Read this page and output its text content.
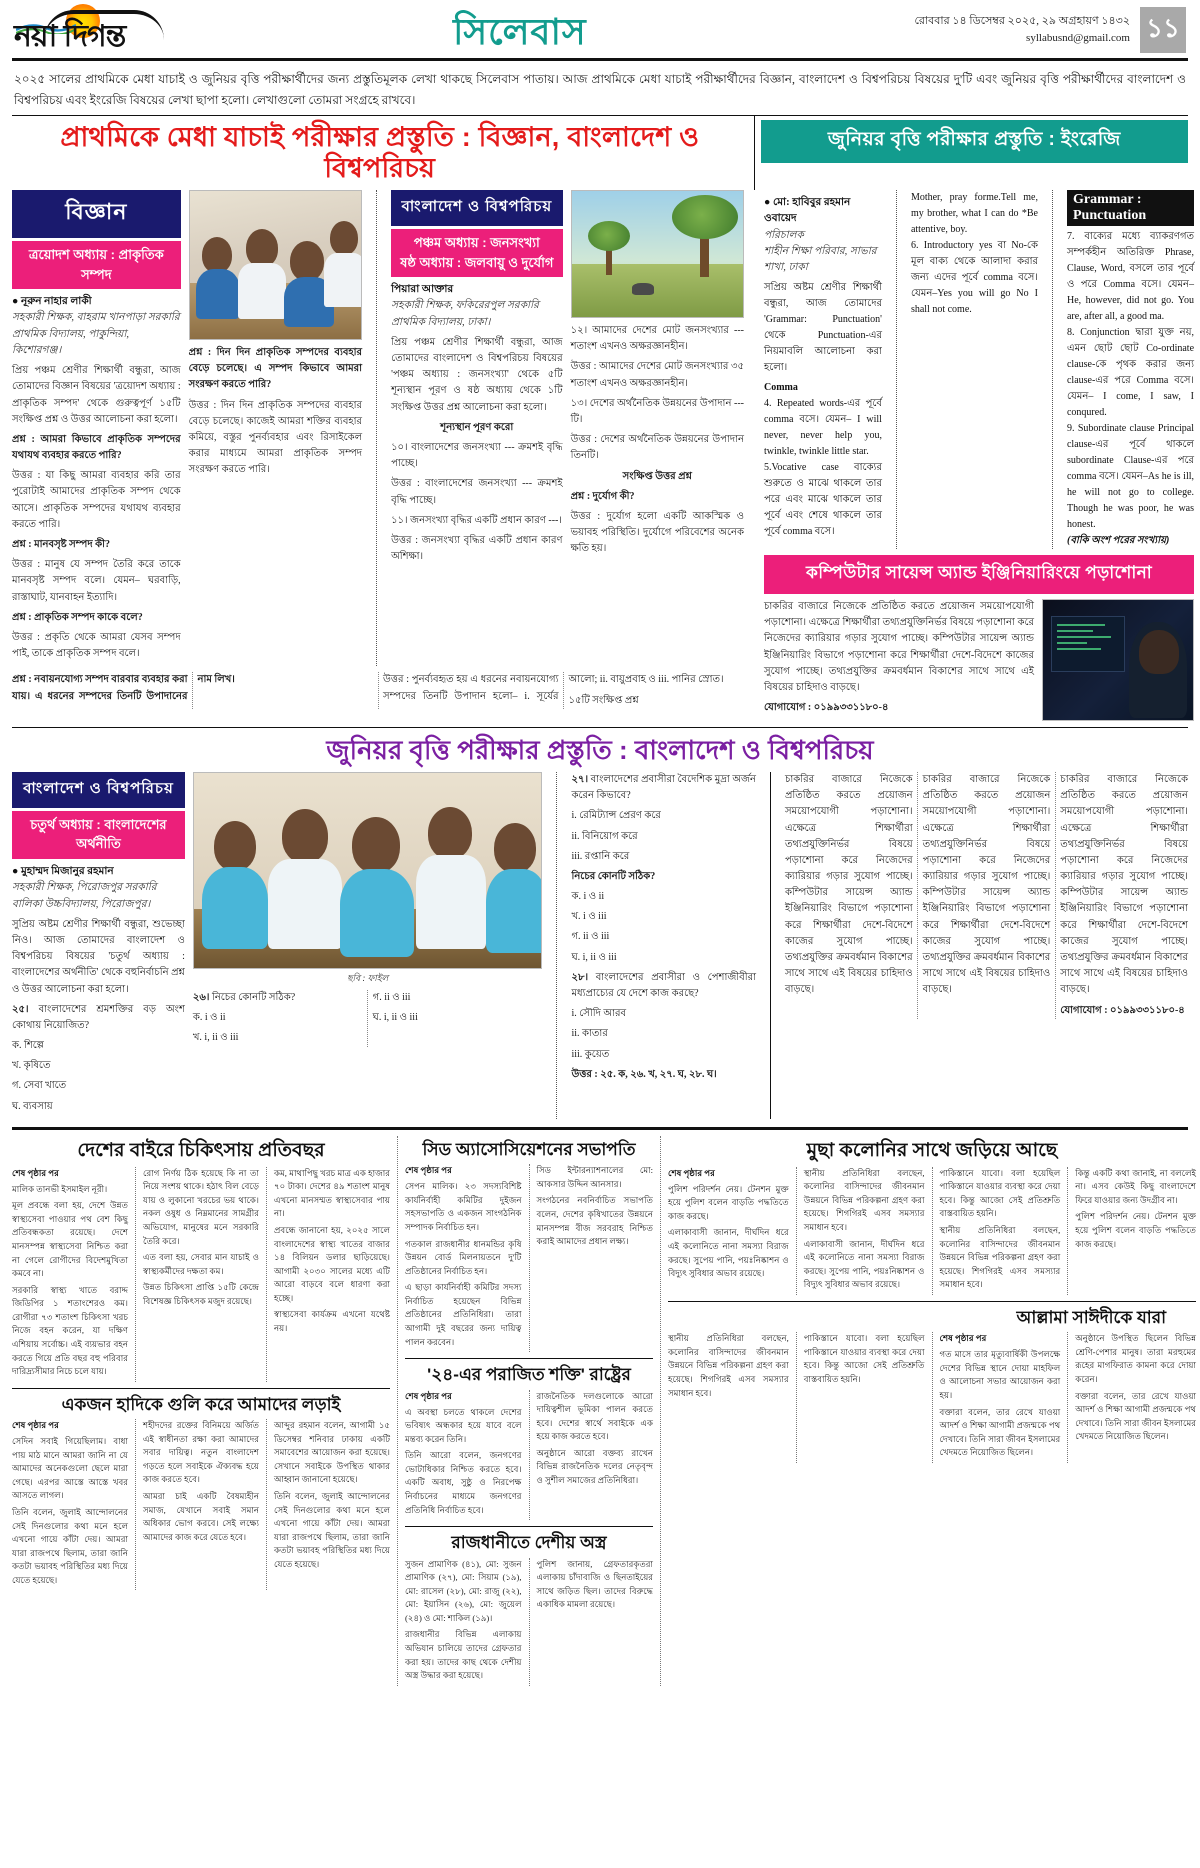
নয়া দিগন্ত	সিলেবাস	রোববার ১৪ ডিসেম্বর ২০২৫, ২৯ অগ্রহায়ণ ১৪৩২
syllabusnd@gmail.com ১১
২০২৫ সালের প্রাথমিকে মেধা যাচাই ও জুনিয়র বৃত্তি পরীক্ষার্থীদের জন্য প্রস্তুতিমূলক লেখা থাকছে সিলেবাস পাতায়। আজ প্রাথমিকে মেধা যাচাই পরীক্ষার্থীদের বিজ্ঞান, বাংলাদেশ ও বিশ্বপরিচয় বিষয়ের দু'টি এবং জুনিয়র বৃত্তি পরীক্ষার্থীদের বাংলাদেশ ও বিশ্বপরিচয় এবং ইংরেজি বিষয়ের লেখা ছাপা হলো। লেখাগুলো তোমরা সংগ্রহে রাখবে।
প্রাথমিকে মেধা যাচাই পরীক্ষার প্রস্তুতি : বিজ্ঞান, বাংলাদেশ ও বিশ্বপরিচয়
জুনিয়র বৃত্তি পরীক্ষার প্রস্তুতি : ইংরেজি
বিজ্ঞান
ত্রয়োদশ অধ্যায় : প্রাকৃতিক সম্পদ
● নূরুন নাহার লাকী
সহকারী শিক্ষক, বাহরাম খানপাড়া সরকারি প্রাথমিক বিদ্যালয়, পাকুন্দিয়া, কিশোরগঞ্জ।

প্রিয় পঞ্চম শ্রেণীর শিক্ষার্থী বন্ধুরা, আজ তোমাদের বিজ্ঞান বিষয়ের 'ত্রয়োদশ অধ্যায় : প্রাকৃতিক সম্পদ' থেকে গুরুত্বপূর্ণ ১৫টি সংক্ষিপ্ত প্রশ্ন ও উত্তর আলোচনা করা হলো।

প্রশ্ন : আমরা কিভাবে প্রাকৃতিক সম্পদের যথাযথ ব্যবহার করতে পারি?

উত্তর : যা কিছু আমরা ব্যবহার করি তার পুরোটাই আমাদের প্রাকৃতিক সম্পদ থেকে আসে। প্রাকৃতিক সম্পদের যথাযথ ব্যবহার করতে পারি।

প্রশ্ন : মানবসৃষ্ট সম্পদ কী?

উত্তর : মানুষ যে সম্পদ তৈরি করে তাকে মানবসৃষ্ট সম্পদ বলে। যেমন– ঘরবাড়ি, রাস্তাঘাট, যানবাহন ইত্যাদি।

প্রশ্ন : প্রাকৃতিক সম্পদ কাকে বলে?

উত্তর : প্রকৃতি থেকে আমরা যেসব সম্পদ পাই, তাকে প্রাকৃতিক সম্পদ বলে।

প্রশ্ন : দিন দিন প্রাকৃতিক সম্পদের ব্যবহার বেড়ে চলেছে। এ সম্পদ কিভাবে আমরা সংরক্ষণ করতে পারি?

উত্তর : দিন দিন প্রাকৃতিক সম্পদের ব্যবহার বেড়ে চলেছে। কাজেই আমরা শক্তির ব্যবহার কমিয়ে, বস্তুর পুনর্ব্যবহার এবং রিসাইকেল করার মাধ্যমে আমরা প্রাকৃতিক সম্পদ সংরক্ষণ করতে পারি।

বাংলাদেশ ও বিশ্বপরিচয়
পঞ্চম অধ্যায় : জনসংখ্যা
ষষ্ঠ অধ্যায় : জলবায়ু ও দুর্যোগ
পিয়ারা আক্তার
সহকারী শিক্ষক, ফকিরেরপুল সরকারি প্রাথমিক বিদ্যালয়, ঢাকা।

প্রিয় পঞ্চম শ্রেণীর শিক্ষার্থী বন্ধুরা, আজ তোমাদের বাংলাদেশ ও বিশ্বপরিচয় বিষয়ের 'পঞ্চম অধ্যায় : জনসংখ্যা' থেকে ৫টি শূন্যস্থান পূরণ ও ষষ্ঠ অধ্যায় থেকে ১টি সংক্ষিপ্ত উত্তর প্রশ্ন আলোচনা করা হলো।

শূন্যস্থান পূরণ করো

১০। বাংলাদেশের জনসংখ্যা --- ক্রমশই বৃদ্ধি পাচ্ছে।

উত্তর : বাংলাদেশের জনসংখ্যা --- ক্রমশই বৃদ্ধি পাচ্ছে।

১১। জনসংখ্যা বৃদ্ধির একটি প্রধান কারণ ---।

উত্তর : জনসংখ্যা বৃদ্ধির একটি প্রধান কারণ অশিক্ষা।

১২। আমাদের দেশের মোট জনসংখ্যার --- শতাংশ এখনও অক্ষরজ্ঞানহীন।

উত্তর : আমাদের দেশের মোট জনসংখ্যার ৩৫ শতাংশ এখনও অক্ষরজ্ঞানহীন।

১৩। দেশের অর্থনৈতিক উন্নয়নের উপাদান ---টি।

উত্তর : দেশের অর্থনৈতিক উন্নয়নের উপাদান তিনটি।

সংক্ষিপ্ত উত্তর প্রশ্ন

প্রশ্ন : দুর্যোগ কী?

উত্তর : দুর্যোগ হলো একটি আকস্মিক ও ভয়াবহ পরিস্থিতি। দুর্যোগে পরিবেশের অনেক ক্ষতি হয়।

প্রশ্ন : নবায়নযোগ্য সম্পদ বারবার ব্যবহার করা যায়। এ ধরনের সম্পদের তিনটি উপাদানের নাম লিখ।	উত্তর : পুনর্ব্যবহৃত হয় এ ধরনের নবায়নযোগ্য সম্পদের তিনটি উপাদান হলো– i. সূর্যের আলো; ii. বায়ুপ্রবাহ ও iii. পানির স্রোত।

১৫টি সংক্ষিপ্ত প্রশ্ন

● মো: হাবিবুর রহমান ওবায়েদ
পরিচালক
শাহীন শিক্ষা পরিবার, সাভার শাখা, ঢাকা
সপ্রিয় অষ্টম শ্রেণীর শিক্ষার্থী বন্ধুরা, আজ তোমাদের 'Grammar: Punctuation' থেকে Punctuation-এর নিয়মাবলি আলোচনা করা হলো।
Comma
4. Repeated words-এর পূর্বে comma বসে। যেমন– I will never, never help you, twinkle, twinkle little star.
5.Vocative case বাক্যের শুরুতে ও মাঝে থাকলে তার পরে এবং মাঝে থাকলে তার পূর্বে এবং শেষে থাকলে তার পূর্বে comma বসে।
Mother, pray forme.Tell me, my brother, what I can do *Be attentive, boy.
6. Introductory yes বা No-কে মূল বাক্য থেকে আলাদা করার জন্য এদের পূর্বে comma বসে। যেমন–Yes you will go No I shall not come.
Grammar : Punctuation
7. বাক্যের মধ্যে ব্যাকরণগত সম্পর্কহীন অতিরিক্ত Phrase, Clause, Word, বসলে তার পূর্বে ও পরে Comma বসে। যেমন– He, however, did not go. You are, after all, a good ma.
8. Conjunction দ্বারা যুক্ত নয়, এমন ছোট ছোট Co-ordinate clause-কে পৃথক করার জন্য clause-এর পরে Comma বসে। যেমন– I come, I saw, I conqured.
9. Subordinate clause Principal clause-এর পূর্বে থাকলে subordinate Clause-এর পরে comma বসে। যেমন–As he is ill, he will not go to college. Though he was poor, he was honest.
(বাকি অংশ পরের সংখ্যায়)
কম্পিউটার সায়েন্স অ্যান্ড ইঞ্জিনিয়ারিংয়ে পড়াশোনা
চাকরির বাজারে নিজেকে প্রতিষ্ঠিত করতে প্রয়োজন সময়োপযোগী পড়াশোনা। এক্ষেত্রে শিক্ষার্থীরা তথ্যপ্রযুক্তিনির্ভর বিষয়ে পড়াশোনা করে নিজেদের ক্যারিয়ার গড়ার সুযোগ পাচ্ছে। কম্পিউটার সায়েন্স অ্যান্ড ইঞ্জিনিয়ারিং বিভাগে পড়াশোনা করে শিক্ষার্থীরা দেশে-বিদেশে কাজের সুযোগ পাচ্ছে। তথ্যপ্রযুক্তির ক্রমবর্ধমান বিকাশের সাথে সাথে এই বিষয়ের চাহিদাও বাড়ছে।
যোগাযোগ : ০১৯৯৩৩১১৮০-৪
জুনিয়র বৃত্তি পরীক্ষার প্রস্তুতি : বাংলাদেশ ও বিশ্বপরিচয়
বাংলাদেশ ও বিশ্বপরিচয়
চতুর্থ অধ্যায় : বাংলাদেশের অর্থনীতি
● মুহাম্মদ মিজানুর রহমান
সহকারী শিক্ষক, পিরোজপুর সরকারি বালিকা উচ্চবিদ্যালয়, পিরোজপুর।
সুপ্রিয় অষ্টম শ্রেণীর শিক্ষার্থী বন্ধুরা, শুভেচ্ছা নিও। আজ তোমাদের বাংলাদেশ ও বিশ্বপরিচয় বিষয়ের 'চতুর্থ অধ্যায় : বাংলাদেশের অর্থনীতি' থেকে বহুনির্বাচনি প্রশ্ন ও উত্তর আলোচনা করা হলো।

২৫। বাংলাদেশের শ্রমশক্তির বড় অংশ কোথায় নিয়োজিত?

ক. শিল্পে

খ. কৃষিতে

গ. সেবা খাতে

ঘ. ব্যবসায়

ছবি : ফাইল

২৬। নিচের কোনটি সঠিক?

ক. i ও ii

খ. i, ii ও iii

গ. ii ও iii

ঘ. i, ii ও iii

২৭। বাংলাদেশের প্রবাসীরা বৈদেশিক মুদ্রা অর্জন করেন কিভাবে?

i. রেমিট্যান্স প্রেরণ করে

ii. বিনিয়োগ করে

iii. রপ্তানি করে

নিচের কোনটি সঠিক?

ক. i ও ii

খ. i ও iii

গ. ii ও iii

ঘ. i, ii ও iii

২৮। বাংলাদেশের প্রবাসীরা ও পেশাজীবীরা মধ্যপ্রাচ্যের যে দেশে কাজ করছে?

i. সৌদি আরব

ii. কাতার

iii. কুয়েত

উত্তর : ২৫. ক, ২৬. খ, ২৭. ঘ, ২৮. ঘ।

চাকরির বাজারে নিজেকে প্রতিষ্ঠিত করতে প্রয়োজন সময়োপযোগী পড়াশোনা। এক্ষেত্রে শিক্ষার্থীরা তথ্যপ্রযুক্তিনির্ভর বিষয়ে পড়াশোনা করে নিজেদের ক্যারিয়ার গড়ার সুযোগ পাচ্ছে। কম্পিউটার সায়েন্স অ্যান্ড ইঞ্জিনিয়ারিং বিভাগে পড়াশোনা করে শিক্ষার্থীরা দেশে-বিদেশে কাজের সুযোগ পাচ্ছে। তথ্যপ্রযুক্তির ক্রমবর্ধমান বিকাশের সাথে সাথে এই বিষয়ের চাহিদাও বাড়ছে।

চাকরির বাজারে নিজেকে প্রতিষ্ঠিত করতে প্রয়োজন সময়োপযোগী পড়াশোনা। এক্ষেত্রে শিক্ষার্থীরা তথ্যপ্রযুক্তিনির্ভর বিষয়ে পড়াশোনা করে নিজেদের ক্যারিয়ার গড়ার সুযোগ পাচ্ছে। কম্পিউটার সায়েন্স অ্যান্ড ইঞ্জিনিয়ারিং বিভাগে পড়াশোনা করে শিক্ষার্থীরা দেশে-বিদেশে কাজের সুযোগ পাচ্ছে। তথ্যপ্রযুক্তির ক্রমবর্ধমান বিকাশের সাথে সাথে এই বিষয়ের চাহিদাও বাড়ছে।

চাকরির বাজারে নিজেকে প্রতিষ্ঠিত করতে প্রয়োজন সময়োপযোগী পড়াশোনা। এক্ষেত্রে শিক্ষার্থীরা তথ্যপ্রযুক্তিনির্ভর বিষয়ে পড়াশোনা করে নিজেদের ক্যারিয়ার গড়ার সুযোগ পাচ্ছে। কম্পিউটার সায়েন্স অ্যান্ড ইঞ্জিনিয়ারিং বিভাগে পড়াশোনা করে শিক্ষার্থীরা দেশে-বিদেশে কাজের সুযোগ পাচ্ছে। তথ্যপ্রযুক্তির ক্রমবর্ধমান বিকাশের সাথে সাথে এই বিষয়ের চাহিদাও বাড়ছে।

যোগাযোগ : ০১৯৯৩৩১১৮০-৪

দেশের বাইরে চিকিৎসায় প্রতিবছর
শেষ পৃষ্ঠার পর

মালিক তানভী ইসমাইল নূরী।

মূল প্রবন্ধে বলা হয়, দেশে উন্নত স্বাস্থ্যসেবা পাওয়ার পথ বেশ কিছু প্রতিবন্ধকতা রয়েছে। দেশে মানসম্পন্ন স্বাস্থ্যসেবা নিশ্চিত করা না গেলে রোগীদের বিদেশমুখিতা কমবে না।

সরকারি স্বাস্থ্য খাতে বরাদ্দ জিডিপির ১ শতাংশেরও কম। রোগীরা ৭৩ শতাংশ চিকিৎসা খরচ নিজে বহন করেন, যা দক্ষিণ এশিয়ায় সর্বোচ্চ। এই ব্যয়ভার বহন করতে গিয়ে প্রতি বছর বহু পরিবার দারিদ্র্যসীমার নিচে চলে যায়।

রোগ নির্ণয় ঠিক হয়েছে কি না তা নিয়ে সংশয় থাকে। হঠাৎ বিল বেড়ে যায় ও লুকানো খরচের ভয় থাকে। নকল ওষুধ ও নিম্নমানের সামগ্রীর অভিযোগ, মানুষের মনে সরকারি তৈরি করে।

এত বলা হয়, সেবার মান যাচাই ও স্বাস্থ্যকর্মীদের দক্ষতা কম।

উন্নত চিকিৎসা প্রাপ্তি ১৫টি কেন্দ্রে বিশেষজ্ঞ চিকিৎসক মজুদ রয়েছে।

কম, মাথাপিছু খরচ মাত্র এক হাজার ৭০ টাকা। দেশের ৪৯ শতাংশ মানুষ এখনো মানসম্মত স্বাস্থ্যসেবার পায় না।

প্রবন্ধে জানানো হয়, ২০২৫ সালে বাংলাদেশের স্বাস্থ্য খাতের বাজার ১৪ বিলিয়ন ডলার ছাড়িয়েছে। আগামী ২০৩০ সালের মধ্যে এটি আরো বাড়বে বলে ধারণা করা হচ্ছে।

স্বাস্থ্যসেবা কার্যক্রম এখনো যথেষ্ট নয়।

একজন হাদিকে গুলি করে আমাদের লড়াই
শেষ পৃষ্ঠার পর

সেদিন সবাই গিয়েছিলাম। বাধা পায় মাঠ মানে আমরা জানি না যে আমাদের অনেকগুলো ছেলে মারা গেছে। এরপর আস্তে আস্তে খবর আসতে লাগল।

তিনি বলেন, জুলাই আন্দোলনের সেই দিনগুলোর কথা মনে হলে এখনো গায়ে কাঁটা দেয়। আমরা যারা রাজপথে ছিলাম, তারা জানি কতটা ভয়াবহ পরিস্থিতির মধ্য দিয়ে যেতে হয়েছে।

শহীদদের রক্তের বিনিময়ে অর্জিত এই স্বাধীনতা রক্ষা করা আমাদের সবার দায়িত্ব। নতুন বাংলাদেশ গড়তে হলে সবাইকে ঐক্যবদ্ধ হয়ে কাজ করতে হবে।

আমরা চাই একটি বৈষম্যহীন সমাজ, যেখানে সবাই সমান অধিকার ভোগ করবে। সেই লক্ষ্যে আমাদের কাজ করে যেতে হবে।

আব্দুর রহমান বলেন, আগামী ১৫ ডিসেম্বর শনিবার ঢাকায় একটি সমাবেশের আয়োজন করা হয়েছে। সেখানে সবাইকে উপস্থিত থাকার আহ্বান জানানো হয়েছে।

তিনি বলেন, জুলাই আন্দোলনের সেই দিনগুলোর কথা মনে হলে এখনো গায়ে কাঁটা দেয়। আমরা যারা রাজপথে ছিলাম, তারা জানি কতটা ভয়াবহ পরিস্থিতির মধ্য দিয়ে যেতে হয়েছে।

সিড অ্যাসোসিয়েশনের সভাপতি
শেষ পৃষ্ঠার পর

সেপন মালিক। ২৩ সদস্যবিশিষ্ট কার্যনির্বাহী কমিটির দুইজন সহসভাপতি ও একজন সাংগঠনিক সম্পাদক নির্বাচিত হন।

গতকাল রাজধানীর ধানমন্ডির কৃষি উন্নয়ন বোর্ড মিলনায়তনে দু'টি প্রতিষ্ঠানের নির্বাচিত হন।

এ ছাড়া কার্যনির্বাহী কমিটির সদস্য নির্বাচিত হয়েছেন বিভিন্ন প্রতিষ্ঠানের প্রতিনিধিরা। তারা আগামী দুই বছরের জন্য দায়িত্ব পালন করবেন।

সিড ইন্টারন্যাশনালের মো: আকসার উদ্দিন আনসার।

সংগঠনের নবনির্বাচিত সভাপতি বলেন, দেশের কৃষিখাতের উন্নয়নে মানসম্পন্ন বীজ সরবরাহ নিশ্চিত করাই আমাদের প্রধান লক্ষ্য।

'২৪-এর পরাজিত শক্তি' রাষ্ট্রের
শেষ পৃষ্ঠার পর

এ অবস্থা চলতে থাকলে দেশের ভবিষ্যৎ অন্ধকার হয়ে যাবে বলে মন্তব্য করেন তিনি।

তিনি আরো বলেন, জনগণের ভোটাধিকার নিশ্চিত করতে হবে। একটি অবাধ, সুষ্ঠু ও নিরপেক্ষ নির্বাচনের মাধ্যমে জনগণের প্রতিনিধি নির্বাচিত হবে।

রাজনৈতিক দলগুলোকে আরো দায়িত্বশীল ভূমিকা পালন করতে হবে। দেশের স্বার্থে সবাইকে এক হয়ে কাজ করতে হবে।

অনুষ্ঠানে আরো বক্তব্য রাখেন বিভিন্ন রাজনৈতিক দলের নেতৃবৃন্দ ও সুশীল সমাজের প্রতিনিধিরা।

রাজধানীতে দেশীয় অস্ত্র

সুজন প্রামাণিক (৪১), মো: সুজন প্রামাণিক (২৭), মো: সিয়াম (১৯), মো: রাসেল (২৮), মো: রাজু (২২), মো: ইয়াসিন (২৬), মো: জুয়েল (২৪) ও মো: শাকিল (১৯)।

রাজধানীর বিভিন্ন এলাকায় অভিযান চালিয়ে তাদের গ্রেফতার করা হয়। তাদের কাছ থেকে দেশীয় অস্ত্র উদ্ধার করা হয়েছে।

পুলিশ জানায়, গ্রেফতারকৃতরা এলাকায় চাঁদাবাজি ও ছিনতাইয়ের সাথে জড়িত ছিল। তাদের বিরুদ্ধে একাধিক মামলা রয়েছে।

মুছা কলোনির সাথে জড়িয়ে আছে
শেষ পৃষ্ঠার পর

পুলিশ পরিদর্শন নেয়। টেনশন মুক্ত হয়ে পুলিশ বলেন বাড়তি পদ্ধতিতে কাজ করছে।

এলাকাবাসী জানান, দীর্ঘদিন ধরে এই কলোনিতে নানা সমস্যা বিরাজ করছে। সুপেয় পানি, পয়ঃনিষ্কাশন ও বিদ্যুৎ সুবিধার অভাব রয়েছে।

স্থানীয় প্রতিনিধিরা বলছেন, কলোনির বাসিন্দাদের জীবনমান উন্নয়নে বিভিন্ন পরিকল্পনা গ্রহণ করা হয়েছে। শিগগিরই এসব সমস্যার সমাধান হবে।

এলাকাবাসী জানান, দীর্ঘদিন ধরে এই কলোনিতে নানা সমস্যা বিরাজ করছে। সুপেয় পানি, পয়ঃনিষ্কাশন ও বিদ্যুৎ সুবিধার অভাব রয়েছে।

পাকিস্তানে যাবো। বলা হয়েছিল পাকিস্তানে যাওয়ার ব্যবস্থা করে দেয়া হবে। কিন্তু আজো সেই প্রতিশ্রুতি বাস্তবায়িত হয়নি।

স্থানীয় প্রতিনিধিরা বলছেন, কলোনির বাসিন্দাদের জীবনমান উন্নয়নে বিভিন্ন পরিকল্পনা গ্রহণ করা হয়েছে। শিগগিরই এসব সমস্যার সমাধান হবে।

কিন্তু একটি কথা জানাই, না বললেই না। এসব কেউই কিছু বাংলাদেশে ফিরে যাওয়ার জন্য উদগ্রীব না।

পুলিশ পরিদর্শন নেয়। টেনশন মুক্ত হয়ে পুলিশ বলেন বাড়তি পদ্ধতিতে কাজ করছে।

আল্লামা সাঈদীকে যারা

স্থানীয় প্রতিনিধিরা বলছেন, কলোনির বাসিন্দাদের জীবনমান উন্নয়নে বিভিন্ন পরিকল্পনা গ্রহণ করা হয়েছে। শিগগিরই এসব সমস্যার সমাধান হবে।

পাকিস্তানে যাবো। বলা হয়েছিল পাকিস্তানে যাওয়ার ব্যবস্থা করে দেয়া হবে। কিন্তু আজো সেই প্রতিশ্রুতি বাস্তবায়িত হয়নি।

শেষ পৃষ্ঠার পর

গত মাসে তার মৃত্যুবার্ষিকী উপলক্ষে দেশের বিভিন্ন স্থানে দোয়া মাহফিল ও আলোচনা সভার আয়োজন করা হয়।

বক্তারা বলেন, তার রেখে যাওয়া আদর্শ ও শিক্ষা আগামী প্রজন্মকে পথ দেখাবে। তিনি সারা জীবন ইসলামের খেদমতে নিয়োজিত ছিলেন।

অনুষ্ঠানে উপস্থিত ছিলেন বিভিন্ন শ্রেণি-পেশার মানুষ। তারা মরহুমের রূহের মাগফিরাত কামনা করে দোয়া করেন।

বক্তারা বলেন, তার রেখে যাওয়া আদর্শ ও শিক্ষা আগামী প্রজন্মকে পথ দেখাবে। তিনি সারা জীবন ইসলামের খেদমতে নিয়োজিত ছিলেন।
